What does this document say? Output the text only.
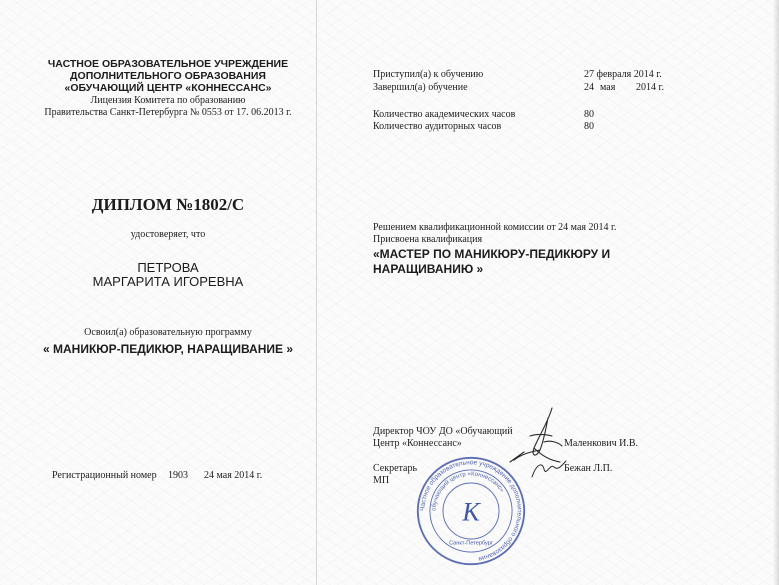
ЧАСТНОЕ ОБРАЗОВАТЕЛЬНОЕ УЧРЕЖДЕНИЕ
ДОПОЛНИТЕЛЬНОГО ОБРАЗОВАНИЯ
«ОБУЧАЮЩИЙ ЦЕНТР «КОННЕССАНС»
Лицензия Комитета по образованию
Правительства Санкт-Петербурга № 0553 от 17. 06.2013 г.
ДИПЛОМ №1802/С
удостоверяет, что
ПЕТРОВА
МАРГАРИТА ИГОРЕВНА
Освоил(а) образовательную программу
« МАНИКЮР-ПЕДИКЮР, НАРАЩИВАНИЕ »
Регистрационный номер 1903 24 мая 2014 г.
Приступил(а) к обучению	27 февраля 2014 г.
Завершил(а) обучение	24 мая 2014 г.
Количество академических часов	80
Количество аудиторных часов	80
Решением квалификационной комиссии от 24 мая 2014 г.
Присвоена квалификация
«МАСТЕР ПО МАНИКЮРУ-ПЕДИКЮРУ И
НАРАЩИВАНИЮ »
Директор ЧОУ ДО «Обучающий
Центр «Коннессанс»	Маленкович И.В.
Секретарь
МП
Бежан Л.П.
Частное образовательное учреждение дополнительного образования
обучающий центр «Коннессанс»
К
Санкт-Петербург
